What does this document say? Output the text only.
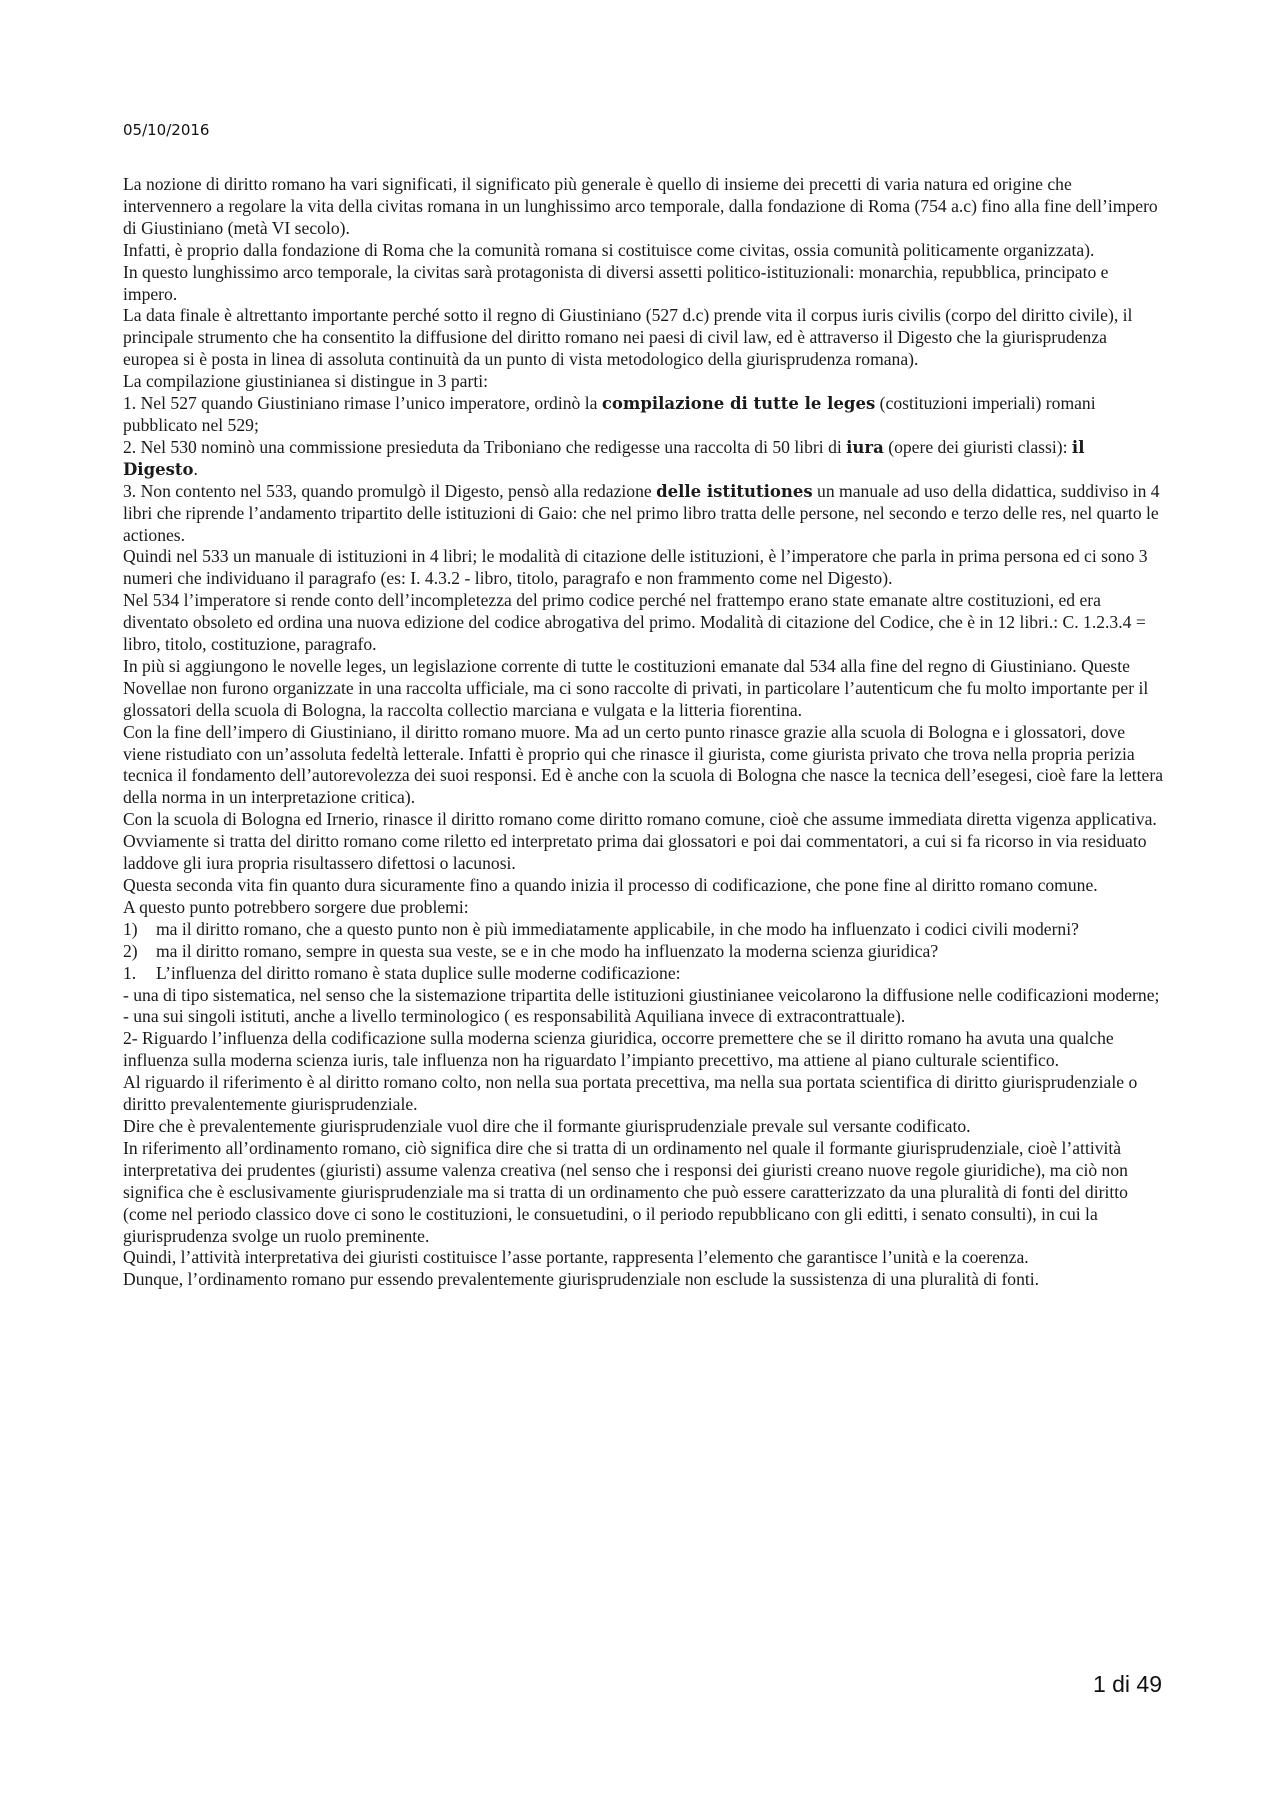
05/10/2016

La nozione di diritto romano ha vari significati, il significato più generale è quello di insieme dei precetti di varia natura ed origine che intervennero a regolare la vita della civitas romana in un lunghissimo arco temporale, dalla fondazione di Roma (754 a.c) fino alla fine dell’impero di Giustiniano (metà VI secolo).

Infatti, è proprio dalla fondazione di Roma che la comunità romana si costituisce come civitas, ossia comunità politicamente organizzata).

In questo lunghissimo arco temporale, la civitas sarà protagonista di diversi assetti politico-istituzionali: monarchia, repubblica, principato e impero.

La data finale è altrettanto importante perché sotto il regno di Giustiniano (527 d.c) prende vita il corpus iuris civilis (corpo del diritto civile), il principale strumento che ha consentito la diffusione del diritto romano nei paesi di civil law, ed è attraverso il Digesto che la giurisprudenza europea si è posta in linea di assoluta continuità da un punto di vista metodologico della giurisprudenza romana).

La compilazione giustinianea si distingue in 3 parti:

1. Nel 527 quando Giustiniano rimase l’unico imperatore, ordinò la compilazione di tutte le leges (costituzioni imperiali) romani pubblicato nel 529;

2. Nel 530 nominò una commissione presieduta da Triboniano che redigesse una raccolta di 50 libri di iura (opere dei giuristi classi): il Digesto.

3. Non contento nel 533, quando promulgò il Digesto, pensò alla redazione delle istitutiones un manuale ad uso della didattica, suddiviso in 4 libri che riprende l’andamento tripartito delle istituzioni di Gaio: che nel primo libro tratta delle persone, nel secondo e terzo delle res, nel quarto le actiones.

Quindi nel 533 un manuale di istituzioni in 4 libri; le modalità di citazione delle istituzioni, è l’imperatore che parla in prima persona ed ci sono 3 numeri che individuano il paragrafo (es: I. 4.3.2 - libro, titolo, paragrafo e non frammento come nel Digesto).

Nel 534 l’imperatore si rende conto dell’incompletezza del primo codice perché nel frattempo erano state emanate altre costituzioni, ed era diventato obsoleto ed ordina una nuova edizione del codice abrogativa del primo. Modalità di citazione del Codice, che è in 12 libri.: C. 1.2.3.4 = libro, titolo, costituzione, paragrafo.

In più si aggiungono le novelle leges, un legislazione corrente di tutte le costituzioni emanate dal 534 alla fine del regno di Giustiniano. Queste Novellae non furono organizzate in una raccolta ufficiale, ma ci sono raccolte di privati, in particolare l’autenticum che fu molto importante per il glossatori della scuola di Bologna, la raccolta collectio marciana e vulgata e la litteria fiorentina.

Con la fine dell’impero di Giustiniano, il diritto romano muore. Ma ad un certo punto rinasce grazie alla scuola di Bologna e i glossatori, dove viene ristudiato con un’assoluta fedeltà letterale. Infatti è proprio qui che rinasce il giurista, come giurista privato che trova nella propria perizia tecnica il fondamento dell’autorevolezza dei suoi responsi. Ed è anche con la scuola di Bologna che nasce la tecnica dell’esegesi, cioè fare la lettera della norma in un interpretazione critica).

Con la scuola di Bologna ed Irnerio, rinasce il diritto romano come diritto romano comune, cioè che assume immediata diretta vigenza applicativa. Ovviamente si tratta del diritto romano come riletto ed interpretato prima dai glossatori e poi dai commentatori, a cui si fa ricorso in via residuato laddove gli iura propria risultassero difettosi o lacunosi.

Questa seconda vita fin quanto dura sicuramente fino a quando inizia il processo di codificazione, che pone fine al diritto romano comune.

A questo punto potrebbero sorgere due problemi:

1)	ma il diritto romano, che a questo punto non è più immediatamente applicabile, in che modo ha influenzato i codici civili moderni?
2)	ma il diritto romano, sempre in questa sua veste, se e in che modo ha influenzato la moderna scienza giuridica?
1.	L’influenza del diritto romano è stata duplice sulle moderne codificazione:

- una di tipo sistematica, nel senso che la sistemazione tripartita delle istituzioni giustinianee veicolarono la diffusione nelle codificazioni moderne;

- una sui singoli istituti, anche a livello terminologico ( es responsabilità Aquiliana invece di extracontrattuale).

2- Riguardo l’influenza della codificazione sulla moderna scienza giuridica, occorre premettere che se il diritto romano ha avuta una qualche influenza sulla moderna scienza iuris, tale influenza non ha riguardato l’impianto precettivo, ma attiene al piano culturale scientifico.

Al riguardo il riferimento è al diritto romano colto, non nella sua portata precettiva, ma nella sua portata scientifica di diritto giurisprudenziale o diritto prevalentemente giurisprudenziale.

Dire che è prevalentemente giurisprudenziale vuol dire che il formante giurisprudenziale prevale sul versante codificato.

In riferimento all’ordinamento romano, ciò significa dire che si tratta di un ordinamento nel quale il formante giurisprudenziale, cioè l’attività interpretativa dei prudentes (giuristi) assume valenza creativa (nel senso che i responsi dei giuristi creano nuove regole giuridiche), ma ciò non significa che è esclusivamente giurisprudenziale ma si tratta di un ordinamento che può essere caratterizzato da una pluralità di fonti del diritto (come nel periodo classico dove ci sono le costituzioni, le consuetudini, o il periodo repubblicano con gli editti, i senato consulti), in cui la giurisprudenza svolge un ruolo preminente.

Quindi, l’attività interpretativa dei giuristi costituisce l’asse portante, rappresenta l’elemento che garantisce l’unità e la coerenza.

Dunque, l’ordinamento romano pur essendo prevalentemente giurisprudenziale non esclude la sussistenza di una pluralità di fonti.

1 di 49
